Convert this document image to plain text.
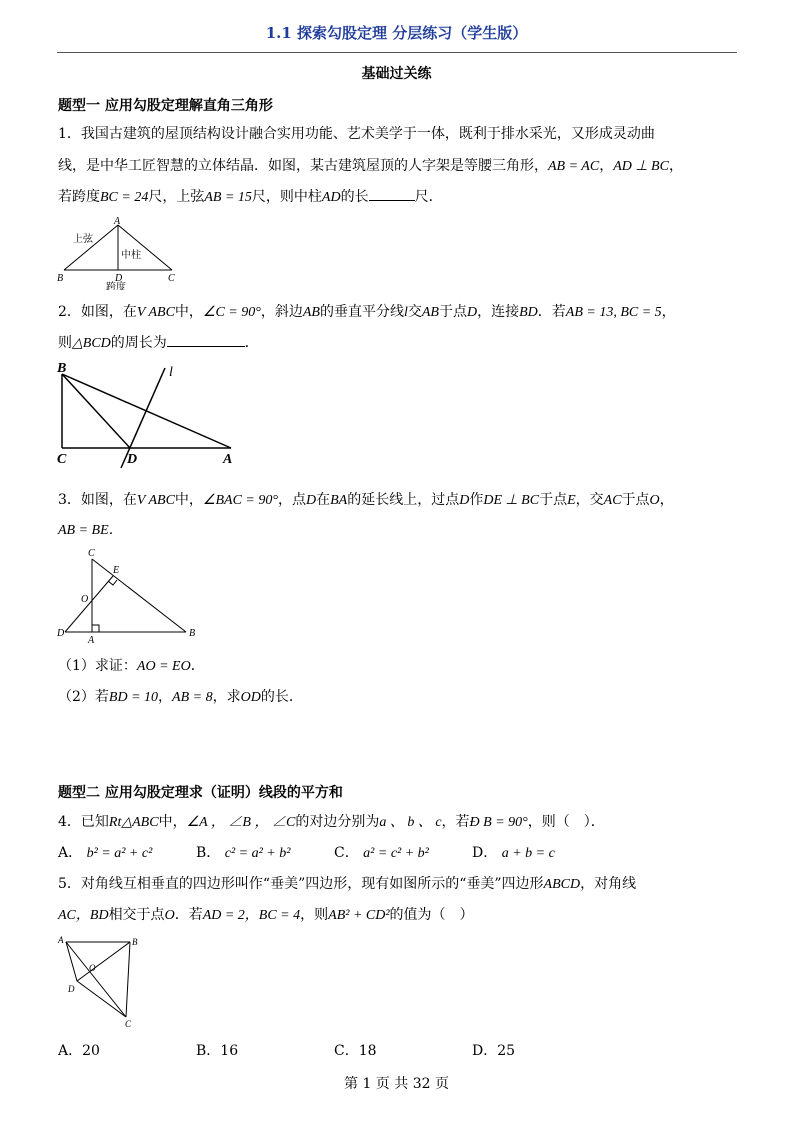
1.1 探索勾股定理 分层练习（学生版）
基础过关练
题型一 应用勾股定理解直角三角形
1．我国古建筑的屋顶结构设计融合实用功能、艺术美学于一体，既利于排水采光，又形成灵动曲
线，是中华工匠智慧的立体结晶．如图，某古建筑屋顶的人字架是等腰三角形，AB = AC，AD ⊥ BC，
若跨度BC = 24尺，上弦AB = 15尺，则中柱AD的长	尺．
A
B	C
D
上弦
中柱
跨度
2．如图，在V ABC中，∠C = 90°，斜边AB的垂直平分线l交AB于点D，连接BD．若AB = 13, BC = 5，
则△BCD的周长为	．
B
C	D	A
l
3．如图，在V ABC中，∠BAC = 90°，点D在BA的延长线上，过点D作DE ⊥ BC于点E，交AC于点O，
AB = BE．
C
E
O
D
A
B
（1）求证：AO = EO．
（2）若BD = 10，AB = 8，求OD的长．
题型二 应用勾股定理求（证明）线段的平方和
4．已知Rt△ABC中，∠A ， ∠B ， ∠C的对边分别为a 、 b 、 c，若Ð B = 90°，则（　）．
A． b² = a² + c²	B． c² = a² + b²	C． a² = c² + b²	D． a + b = c
5．对角线互相垂直的四边形叫作“垂美”四边形，现有如图所示的“垂美”四边形ABCD，对角线
AC，BD相交于点O．若AD = 2，BC = 4，则AB² + CD²的值为（　）
A	B
O
D
C
A．20	B．16	C．18	D．25
第 1 页 共 32 页
